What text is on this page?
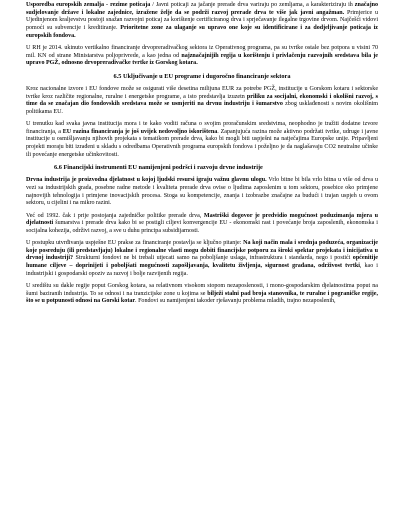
Usporedba europskih zemalja - rezime poticaja / Javni poticaji za jačanje prerade drva variraju po zemljama, a karakteriziraju ih značajno sudjelovanje države i lokalne zajednice, izražene želje da se podrži razvoj prerade drva te više jak javni angažman. Primjerice u Ujedinjenom kraljevstvu postoji snažan razvojni poticaj za korištenje certificiranog drva i sprječavanje ilegalne trgovine drvom. Najčešći vidovi pomoći su subvencije i kreditiranje. Prioritetne zone za ulaganje su upravo one koje su identificirane i za dodjeljivanje poticaja iz europskih fondova.

U RH je 2014. ukinuto vertikalno financiranje drvopreradivačkog sektora iz Operativnog programa, pa su tvrtke ostale bez potpora u visini 70 mil. KN od strane Ministarstva poljoprivrede, a kao jedna od najznačajnijih regija u korištenju i privlačenju razvojnih sredstava bila je upravo PGŽ, odnosno drvopreradivačke tvrtke iz Gorskog kotara.

6.5 Uključivanje u EU programe i dugoročno financiranje sektora

Kroz nacionalne izvore i EU fondove može se osigurati više desetina milijuna EUR za potrebe PGŽ, institucije u Gorskom kotaru i sektorske tvrtke kroz različite regionalne, ruralne i energetske programe, a isto predstavlja izuzetn priliku za socijalni, ekonomski i okolišni razvoj, s time da se značajan dio fondovskih sredstava može se usmjeriti na drvnu industriju i šumarstvo zbog usklađenosti s novim okolišnim politikama EU.

U trenutku kad svaka javna institucija mora i te kako voditi računa o svojim proračunskim sredstvima, neophodno je tražiti dodatne izvore financiranja, a EU razina financiranja je još uvijek nedovoljno iskorištena. Zapanjujuća razina može aktivno podržati tvrtke, udruge i javne institucije u osmišljavanju njihovih projekata s tematikom prerade drva, kako bi mogli biti uspješni na natječajima Europske unije. Pripavljeni projekti moraju biti izrađeni u skladu s odredbama Operativnih programa europskih fondova i poželjno je da naglašavaju CO2 neutralne učinke ili povećanje energetske učinkovitosti.

6.6 Financijski instrumenti EU namijenjeni podršci i razvoju drvne industrije

Drvna industrija je proizvodna djelatnost u kojoj ljudski resursi igraju važnu glavnu ulogu. Vrlo bitne bi bila vrlo bitna u više od drva u vezi sa industrijskih grada, posebne radne metode i kvaliteta prerade drva ovise o ljudima zaposlenim u tom sektoru, posebice oko primjene najnovijih tehnologija i primjene inovacijskih procesa. Stoga su kompetencije, znanja i izobrazbe značajne za budući i trajan uspjeh u ovom sektoru, u cijelini i na mikro razini.

Već od 1992. čak i prije postojanja zajedničke politike prerade drva, Mastriški dogovor je predvidio mogućnost poduzimanja mjera u djelatnosti šumarstva i prerade drva kako bi se postigli ciljevi konvergencije EU - ekonomski rast i povećanje broja zaposlenih, ekonomska i socijalna kohezija, održivi razvoj, a sve u duhu principa subsidijarnosti.

U postupku utvrđivanja uspješne EU prakse za financiranje postavlja se ključno pitanje: Na koji način mala i srednja poduzeća, organizacije koje posreduju (ili predstavljaju) lokalne i regionalne vlasti mogu dobiti financijske potporu za široki spektar projekata i inicijativa u drvnoj industriji? Strukturni fondovi ne bi trebali utjecati samo na poboljšanje uslaga, infrastruktura i standarda, nego i postići općenitije humane ciljeve – doprinijeti i poboljšati mogućnosti zapošljavanja, kvalitetu življenja, sigurnost građana, održivost tvrtki, kao i industrijski i gospodarski opoziv za razvoj i bolje razvijenih regija.

U središtu su dakle regije poput Gorskog kotara, sa relativnom visokom stopom nezaposlenosti, i mono-gospodarskim djelatnostima poput na šumi baziranih industrija. To se odnosi i na tranzicijske zone u kojima se bilježi stalni pad broja stanovnika, te ruralne i pograničke regije, što se u potpunosti odnosi na Gorski kotar. Fondovi su namijenjeni takoder rješavanju problema mladih, trajno nezaposlenih,
